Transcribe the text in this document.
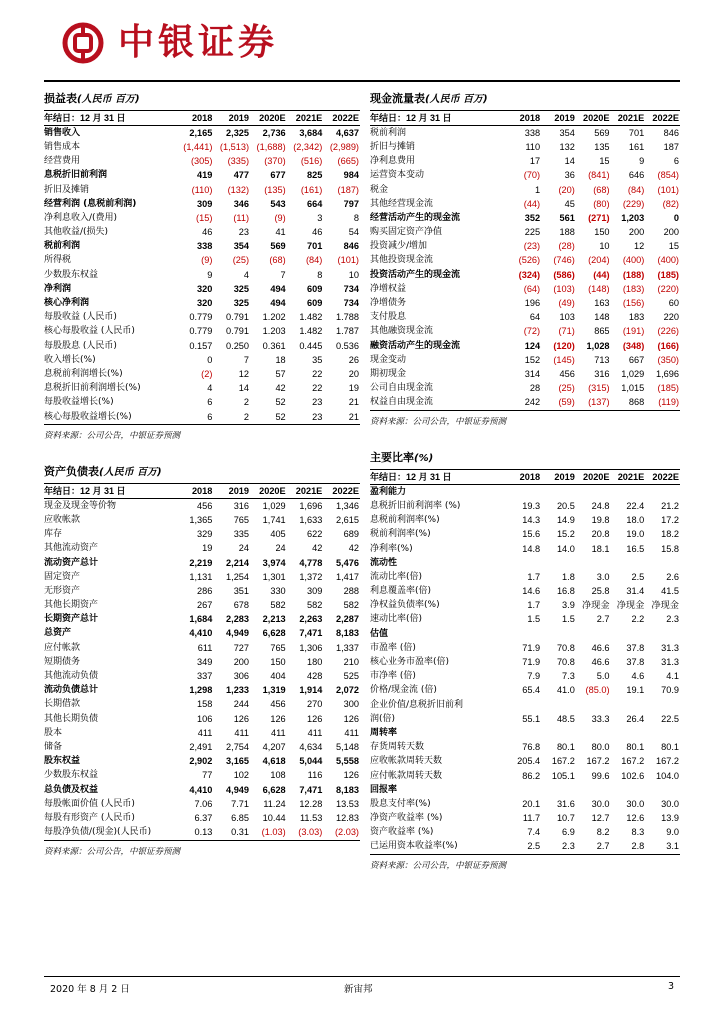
中银证券
损益表(人民币 百万)
年结日：12 月 31 日	2018	2019	2020E	2021E	2022E
销售收入	2,165	2,325	2,736	3,684	4,637
销售成本	(1,441)	(1,513)	(1,688)	(2,342)	(2,989)
经营费用	(305)	(335)	(370)	(516)	(665)
息税折旧前利润	419	477	677	825	984
折旧及摊销	(110)	(132)	(135)	(161)	(187)
经营利润 (息税前利润)	309	346	543	664	797
净利息收入/(费用)	(15)	(11)	(9)	3	8
其他收益/(损失)	46	23	41	46	54
税前利润	338	354	569	701	846
所得税	(9)	(25)	(68)	(84)	(101)
少数股东权益	9	4	7	8	10
净利润	320	325	494	609	734
核心净利润	320	325	494	609	734
每股收益 (人民币)	0.779	0.791	1.202	1.482	1.788
核心每股收益 (人民币)	0.779	0.791	1.203	1.482	1.787
每股股息 (人民币)	0.157	0.250	0.361	0.445	0.536
收入增长(%)	0	7	18	35	26
息税前利润增长(%)	(2)	12	57	22	20
息税折旧前利润增长(%)	4	14	42	22	19
每股收益增长(%)	6	2	52	23	21
核心每股收益增长(%)	6	2	52	23	21
资料来源：公司公告，中银证券预测
现金流量表(人民币 百万)
年结日：12 月 31 日	2018	2019	2020E	2021E	2022E
税前利润	338	354	569	701	846
折旧与摊销	110	132	135	161	187
净利息费用	17	14	15	9	6
运营资本变动	(70)	36	(841)	646	(854)
税金	1	(20)	(68)	(84)	(101)
其他经营现金流	(44)	45	(80)	(229)	(82)
经营活动产生的现金流	352	561	(271)	1,203	0
购买固定资产净值	225	188	150	200	200
投资减少/增加	(23)	(28)	10	12	15
其他投资现金流	(526)	(746)	(204)	(400)	(400)
投资活动产生的现金流	(324)	(586)	(44)	(188)	(185)
净增权益	(64)	(103)	(148)	(183)	(220)
净增债务	196	(49)	163	(156)	60
支付股息	64	103	148	183	220
其他融资现金流	(72)	(71)	865	(191)	(226)
融资活动产生的现金流	124	(120)	1,028	(348)	(166)
现金变动	152	(145)	713	667	(350)
期初现金	314	456	316	1,029	1,696
公司自由现金流	28	(25)	(315)	1,015	(185)
权益自由现金流	242	(59)	(137)	868	(119)
资料来源：公司公告，中银证券预测
资产负债表(人民币 百万)
年结日：12 月 31 日	2018	2019	2020E	2021E	2022E
现金及现金等价物	456	316	1,029	1,696	1,346
应收帐款	1,365	765	1,741	1,633	2,615
库存	329	335	405	622	689
其他流动资产	19	24	24	42	42
流动资产总计	2,219	2,214	3,974	4,778	5,476
固定资产	1,131	1,254	1,301	1,372	1,417
无形资产	286	351	330	309	288
其他长期资产	267	678	582	582	582
长期资产总计	1,684	2,283	2,213	2,263	2,287
总资产	4,410	4,949	6,628	7,471	8,183
应付帐款	611	727	765	1,306	1,337
短期债务	349	200	150	180	210
其他流动负债	337	306	404	428	525
流动负债总计	1,298	1,233	1,319	1,914	2,072
长期借款	158	244	456	270	300
其他长期负债	106	126	126	126	126
股本	411	411	411	411	411
储备	2,491	2,754	4,207	4,634	5,148
股东权益	2,902	3,165	4,618	5,044	5,558
少数股东权益	77	102	108	116	126
总负债及权益	4,410	4,949	6,628	7,471	8,183
每股帐面价值 (人民币)	7.06	7.71	11.24	12.28	13.53
每股有形资产 (人民币)	6.37	6.85	10.44	11.53	12.83
每股净负债/(现金)(人民币)	0.13	0.31	(1.03)	(3.03)	(2.03)
资料来源：公司公告，中银证券预测
主要比率(%)
年结日：12 月 31 日	2018	2019	2020E	2021E	2022E
盈利能力					
息税折旧前利润率 (%)	19.3	20.5	24.8	22.4	21.2
息税前利润率(%)	14.3	14.9	19.8	18.0	17.2
税前利润率(%)	15.6	15.2	20.8	19.0	18.2
净利率(%)	14.8	14.0	18.1	16.5	15.8
流动性					
流动比率(倍)	1.7	1.8	3.0	2.5	2.6
利息覆盖率(倍)	14.6	16.8	25.8	31.4	41.5
净权益负债率(%)	1.7	3.9	净现金	净现金	净现金
速动比率(倍)	1.5	1.5	2.7	2.2	2.3
估值					
市盈率 (倍)	71.9	70.8	46.6	37.8	31.3
核心业务市盈率(倍)	71.9	70.8	46.6	37.8	31.3
市净率 (倍)	7.9	7.3	5.0	4.6	4.1
价格/现金流 (倍)	65.4	41.0	(85.0)	19.1	70.9
企业价值/息税折旧前利					
润(倍)	55.1	48.5	33.3	26.4	22.5
周转率					
存货周转天数	76.8	80.1	80.0	80.1	80.1
应收帐款周转天数	205.4	167.2	167.2	167.2	167.2
应付帐款周转天数	86.2	105.1	99.6	102.6	104.0
回报率					
股息支付率(%)	20.1	31.6	30.0	30.0	30.0
净资产收益率 (%)	11.7	10.7	12.7	12.6	13.9
资产收益率 (%)	7.4	6.9	8.2	8.3	9.0
已运用资本收益率(%)	2.5	2.3	2.7	2.8	3.1
资料来源：公司公告，中银证券预测
2020 年 8 月 2 日	新宙邦	3
